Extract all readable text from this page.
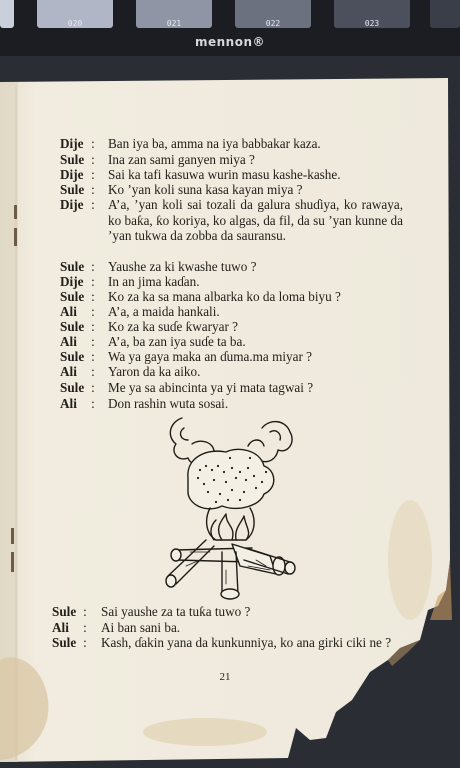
020	021	022	023
mennon®
Dije : Ban iya ba, amma na iya babbakar kaza.
Sule : Ina zan sami ganyen miya ?
Dije : Sai ka tafi kasuwa wurin masu kashe-kashe.
Sule : Ko ’yan koli suna kasa kayan miya ?
Dije : A’a, ’yan koli sai tozali da galura shuɗiya, ko rawaya, ko baƙa, ƙo koriya, ko algas, da fil, da su ’yan kunne da ’yan tukwa da zobba da sauransu.
Sule : Yaushe za ki kwashe tuwo ?
Dije : In an jima kaɗan.
Sule : Ko za ka sa mana albarka ko da loma biyu ?
Ali	: A’a, a maida hankali.
Sule : Ko za ka suɗe ƙwaryar ?
Ali	: A’a, ba zan iya suɗe ta ba.
Sule : Wa ya gaya maka an ɗuma.ma miyar ?
Ali	: Yaron da ka aiko.
Sule : Me ya sa abincinta ya yi mata tagwai ?
Ali	: Don rashin wuta sosai.
Sule : Sai yaushe za ta tuƙa tuwo ?
Ali	: Ai ban sani ba.
Sule : Kash, ɗakin yana da kunkunniya, ko ana girki ciki ne ?
21
